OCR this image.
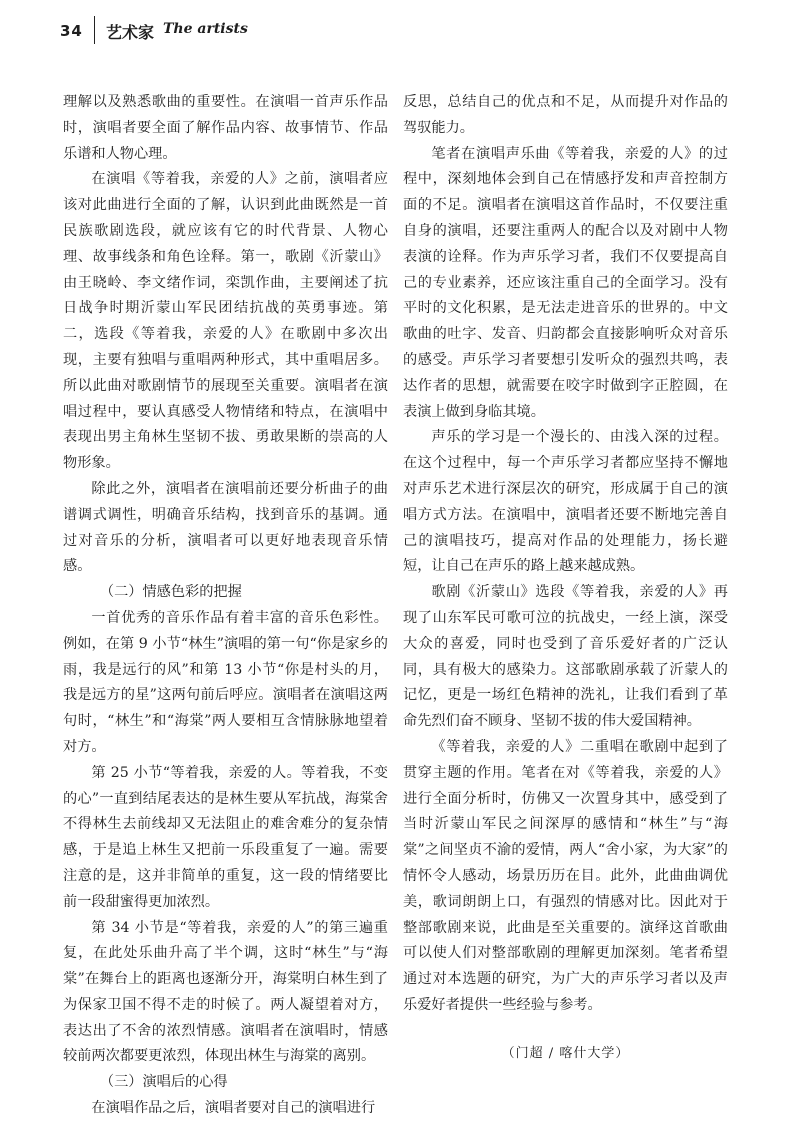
34 艺术家 The artists

理解以及熟悉歌曲的重要性。在演唱一首声乐作品时，演唱者要全面了解作品内容、故事情节、作品乐谱和人物心理。

在演唱《等着我，亲爱的人》之前，演唱者应该对此曲进行全面的了解，认识到此曲既然是一首民族歌剧选段，就应该有它的时代背景、人物心理、故事线条和角色诠释。第一，歌剧《沂蒙山》由王晓岭、李文绪作词，栾凯作曲，主要阐述了抗日战争时期沂蒙山军民团结抗战的英勇事迹。第二，选段《等着我，亲爱的人》在歌剧中多次出现，主要有独唱与重唱两种形式，其中重唱居多。所以此曲对歌剧情节的展现至关重要。演唱者在演唱过程中，要认真感受人物情绪和特点，在演唱中表现出男主角林生坚韧不拔、勇敢果断的崇高的人物形象。

除此之外，演唱者在演唱前还要分析曲子的曲谱调式调性，明确音乐结构，找到音乐的基调。通过对音乐的分析，演唱者可以更好地表现音乐情感。

（二）情感色彩的把握

一首优秀的音乐作品有着丰富的音乐色彩性。例如，在第 9 小节“林生”演唱的第一句“你是家乡的雨，我是远行的风”和第 13 小节“你是村头的月，我是远方的星”这两句前后呼应。演唱者在演唱这两句时，“林生”和“海棠”两人要相互含情脉脉地望着对方。

第 25 小节“等着我，亲爱的人。等着我，不变的心”一直到结尾表达的是林生要从军抗战，海棠舍不得林生去前线却又无法阻止的难舍难分的复杂情感，于是追上林生又把前一乐段重复了一遍。需要注意的是，这并非简单的重复，这一段的情绪要比前一段甜蜜得更加浓烈。

第 34 小节是“等着我，亲爱的人”的第三遍重复，在此处乐曲升高了半个调，这时“林生”与“海棠”在舞台上的距离也逐渐分开，海棠明白林生到了为保家卫国不得不走的时候了。两人凝望着对方，表达出了不舍的浓烈情感。演唱者在演唱时，情感较前两次都要更浓烈，体现出林生与海棠的离别。

（三）演唱后的心得

在演唱作品之后，演唱者要对自己的演唱进行

反思，总结自己的优点和不足，从而提升对作品的驾驭能力。

笔者在演唱声乐曲《等着我，亲爱的人》的过程中，深刻地体会到自己在情感抒发和声音控制方面的不足。演唱者在演唱这首作品时，不仅要注重自身的演唱，还要注重两人的配合以及对剧中人物表演的诠释。作为声乐学习者，我们不仅要提高自己的专业素养，还应该注重自己的全面学习。没有平时的文化积累，是无法走进音乐的世界的。中文歌曲的吐字、发音、归韵都会直接影响听众对音乐的感受。声乐学习者要想引发听众的强烈共鸣，表达作者的思想，就需要在咬字时做到字正腔圆，在表演上做到身临其境。

声乐的学习是一个漫长的、由浅入深的过程。在这个过程中，每一个声乐学习者都应坚持不懈地对声乐艺术进行深层次的研究，形成属于自己的演唱方式方法。在演唱中，演唱者还要不断地完善自己的演唱技巧，提高对作品的处理能力，扬长避短，让自己在声乐的路上越来越成熟。

歌剧《沂蒙山》选段《等着我，亲爱的人》再现了山东军民可歌可泣的抗战史，一经上演，深受大众的喜爱，同时也受到了音乐爱好者的广泛认同，具有极大的感染力。这部歌剧承载了沂蒙人的记忆，更是一场红色精神的洗礼，让我们看到了革命先烈们奋不顾身、坚韧不拔的伟大爱国精神。

《等着我，亲爱的人》二重唱在歌剧中起到了贯穿主题的作用。笔者在对《等着我，亲爱的人》进行全面分析时，仿佛又一次置身其中，感受到了当时沂蒙山军民之间深厚的感情和“林生”与“海棠”之间坚贞不渝的爱情，两人“舍小家，为大家”的情怀令人感动，场景历历在目。此外，此曲曲调优美，歌词朗朗上口，有强烈的情感对比。因此对于整部歌剧来说，此曲是至关重要的。演绎这首歌曲可以使人们对整部歌剧的理解更加深刻。笔者希望通过对本选题的研究，为广大的声乐学习者以及声乐爱好者提供一些经验与参考。

（门超 / 喀什大学）
